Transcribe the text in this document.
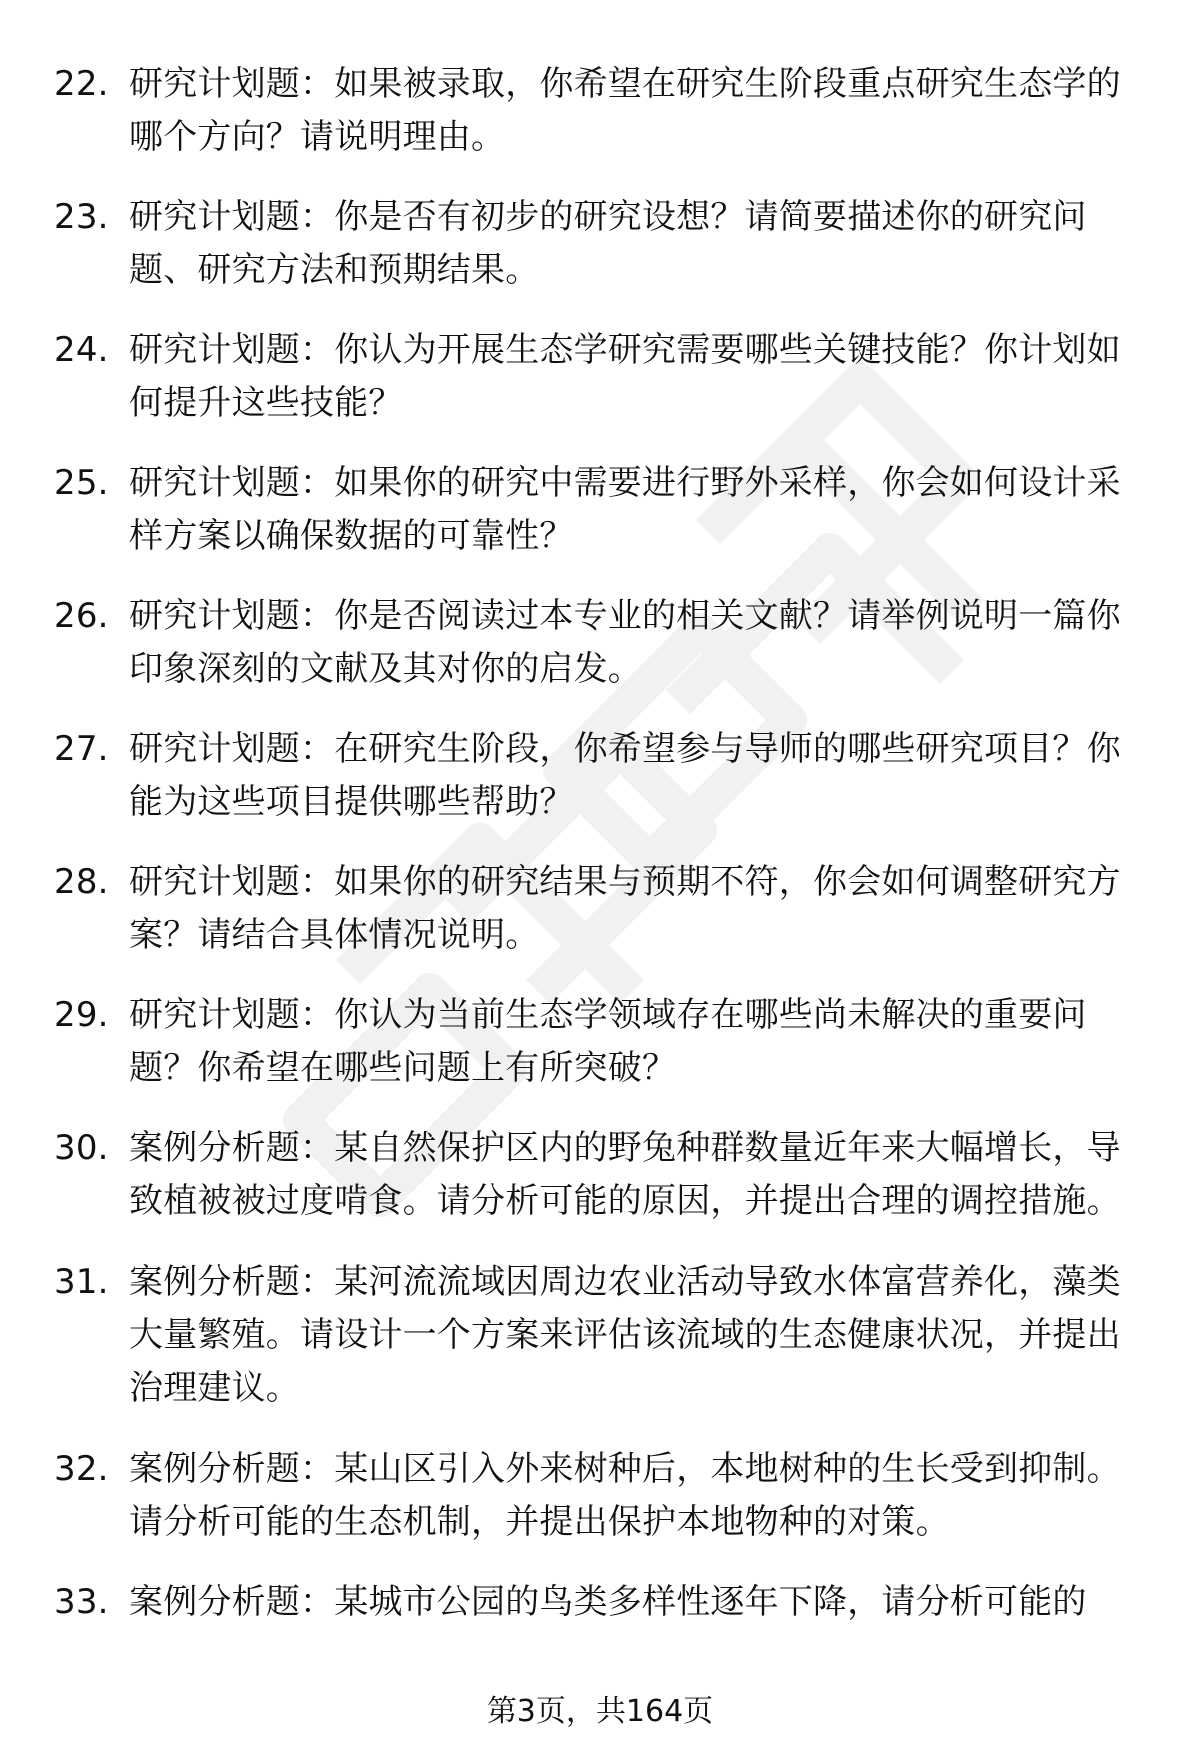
22. 研究计划题：如果被录取，你希望在研究生阶段重点研究生态学的哪个方向？请说明理由。
23. 研究计划题：你是否有初步的研究设想？请简要描述你的研究问题、研究方法和预期结果。
24. 研究计划题：你认为开展生态学研究需要哪些关键技能？你计划如何提升这些技能？
25. 研究计划题：如果你的研究中需要进行野外采样，你会如何设计采样方案以确保数据的可靠性？
26. 研究计划题：你是否阅读过本专业的相关文献？请举例说明一篇你印象深刻的文献及其对你的启发。
27. 研究计划题：在研究生阶段，你希望参与导师的哪些研究项目？你能为这些项目提供哪些帮助？
28. 研究计划题：如果你的研究结果与预期不符，你会如何调整研究方案？请结合具体情况说明。
29. 研究计划题：你认为当前生态学领域存在哪些尚未解决的重要问题？你希望在哪些问题上有所突破？
30. 案例分析题：某自然保护区内的野兔种群数量近年来大幅增长，导致植被被过度啃食。请分析可能的原因，并提出合理的调控措施。
31. 案例分析题：某河流流域因周边农业活动导致水体富营养化，藻类大量繁殖。请设计一个方案来评估该流域的生态健康状况，并提出治理建议。
32. 案例分析题：某山区引入外来树种后，本地树种的生长受到抑制。请分析可能的生态机制，并提出保护本地物种的对策。
33. 案例分析题：某城市公园的鸟类多样性逐年下降，请分析可能的
第3页，共164页
